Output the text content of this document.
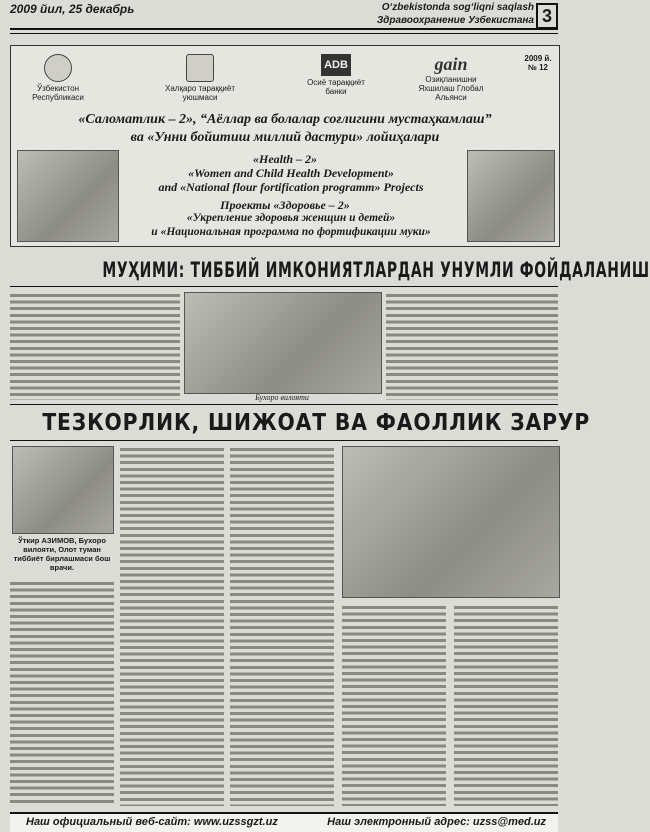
2009 йил, 25 декабрь	O‘zbekistonda sog‘liqni saqlash
Здравоохранение Узбекистана 3
Ўзбекистон Республикаси
Халқаро тараққиёт уюшмаси
ADB
Осиё тараққиёт банки
gain
Озиқланишни Яхшилаш Глобал Альянси
2009 й. № 12
«Саломатлик – 2», “Аёллар ва болалар соғлигини мустаҳкамлаш”
ва «Унни бойитиш миллий дастури» лойиҳалари
«Health – 2»
«Women and Child Health Development»
and «National flour fortification programm» Projects
Проекты «Здоровье – 2»
«Укрепление здоровья женщин и детей»
и «Национальная программа по фортификации муки»
МУҲИМИ: ТИББИЙ ИМКОНИЯТЛАРДАН УНУМЛИ ФОЙДАЛАНИШ
Бухоро вилояти
ТЕЗКОРЛИК, ШИЖОАТ ВА ФАОЛЛИК ЗАРУР
Ўткир АЗИМОВ, Бухоро вилояти, Олот туман тиббиёт бирлашмаси бош врачи.
Наш официальный веб-сайт: www.uzssgzt.uz	Наш электронный адрес: uzss@med.uz
